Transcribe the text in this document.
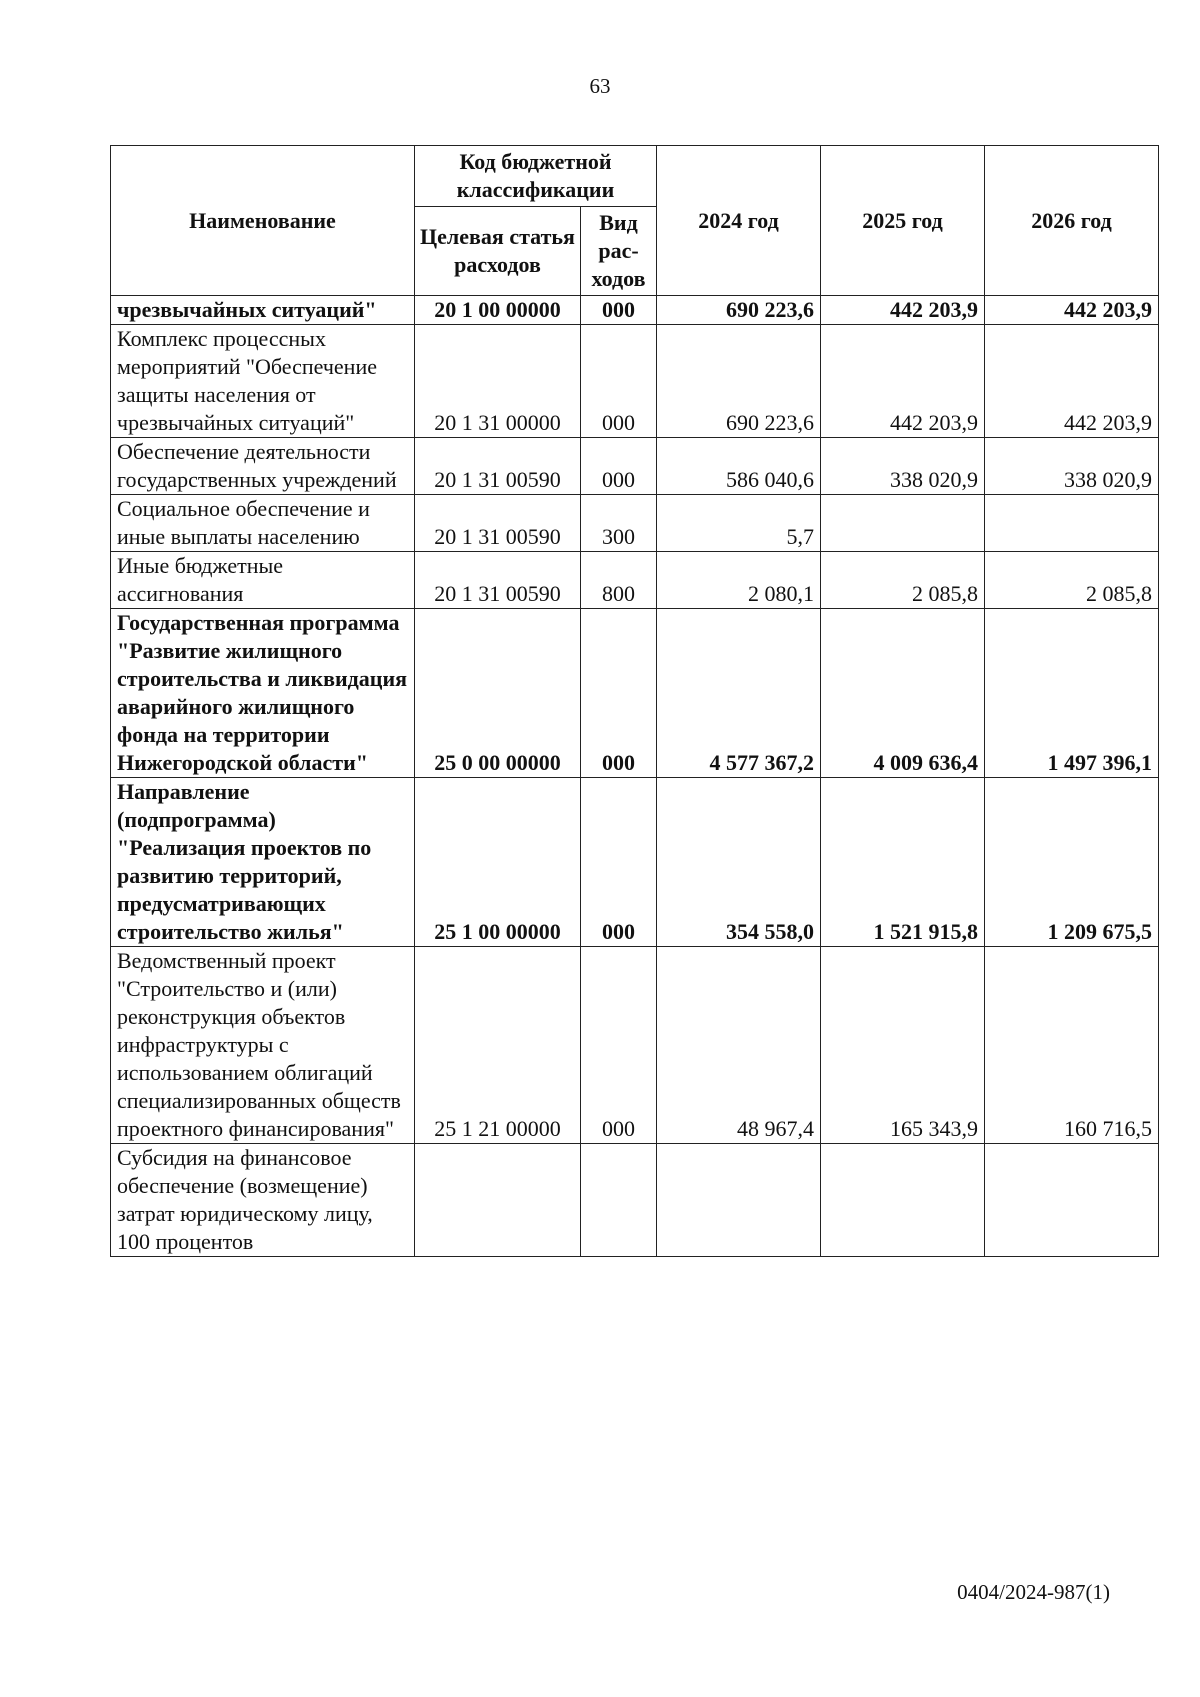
63
Наименование	Код бюджетной классификации		2024 год	2025 год	2026 год
	Целевая статья расходов	Вид рас-ходов			
чрезвычайных ситуаций"	20 1 00 00000	000	690 223,6	442 203,9	442 203,9
Комплекс процессных мероприятий "Обеспечение защиты населения от чрезвычайных ситуаций"	20 1 31 00000	000	690 223,6	442 203,9	442 203,9
Обеспечение деятельности государственных учреждений	20 1 31 00590	000	586 040,6	338 020,9	338 020,9
Социальное обеспечение и иные выплаты населению	20 1 31 00590	300	5,7		
Иные бюджетные ассигнования	20 1 31 00590	800	2 080,1	2 085,8	2 085,8
Государственная программа "Развитие жилищного строительства и ликвидация аварийного жилищного фонда на территории Нижегородской области"	25 0 00 00000	000	4 577 367,2	4 009 636,4	1 497 396,1
Направление (подпрограмма) "Реализация проектов по развитию территорий, предусматривающих строительство жилья"	25 1 00 00000	000	354 558,0	1 521 915,8	1 209 675,5
Ведомственный проект "Строительство и (или) реконструкция объектов инфраструктуры с использованием облигаций специализированных обществ проектного финансирования"	25 1 21 00000	000	48 967,4	165 343,9	160 716,5
Субсидия на финансовое обеспечение (возмещение) затрат юридическому лицу, 100 процентов					
0404/2024-987(1)
